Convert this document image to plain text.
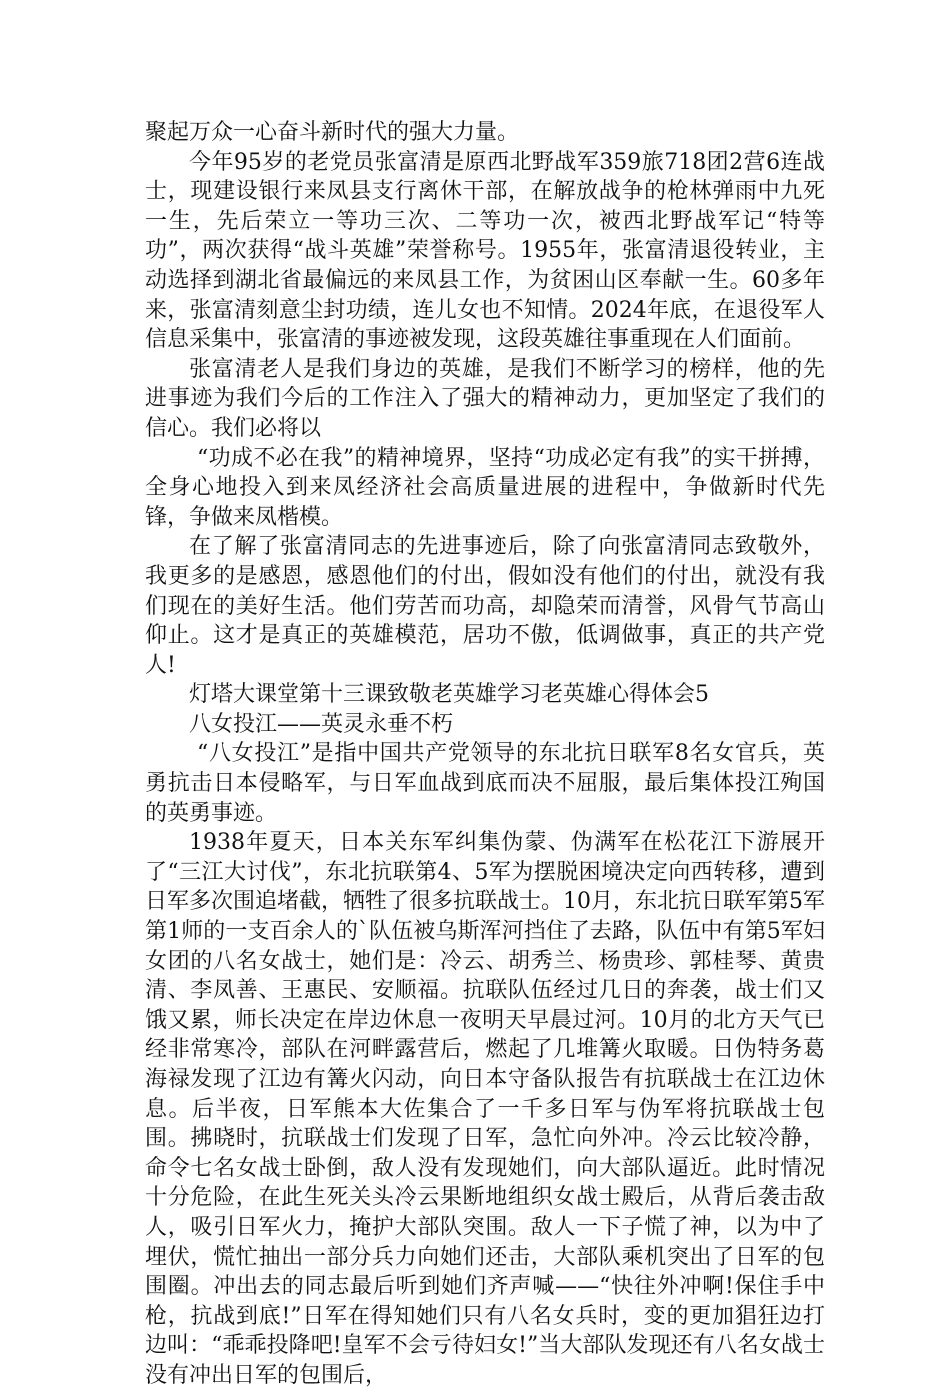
聚起万众一心奋斗新时代的强大力量。

今年95岁的老党员张富清是原西北野战军359旅718团2营6连战士，现建设银行来凤县支行离休干部，在解放战争的枪林弹雨中九死一生，先后荣立一等功三次、二等功一次，被西北野战军记“特等功”，两次获得“战斗英雄”荣誉称号。1955年，张富清退役转业，主动选择到湖北省最偏远的来凤县工作，为贫困山区奉献一生。60多年来，张富清刻意尘封功绩，连儿女也不知情。2024年底，在退役军人信息采集中，张富清的事迹被发现，这段英雄往事重现在人们面前。

张富清老人是我们身边的英雄，是我们不断学习的榜样，他的先进事迹为我们今后的工作注入了强大的精神动力，更加坚定了我们的信心。我们必将以

“功成不必在我”的精神境界，坚持“功成必定有我”的实干拼搏，全身心地投入到来凤经济社会高质量进展的进程中，争做新时代先锋，争做来凤楷模。

在了解了张富清同志的先进事迹后，除了向张富清同志致敬外，我更多的是感恩，感恩他们的付出，假如没有他们的付出，就没有我们现在的美好生活。他们劳苦而功高，却隐荣而清誉，风骨气节高山仰止。这才是真正的英雄模范，居功不傲，低调做事，真正的共产党人!

灯塔大课堂第十三课致敬老英雄学习老英雄心得体会5

八女投江——英灵永垂不朽

“八女投江”是指中国共产党领导的东北抗日联军8名女官兵，英勇抗击日本侵略军，与日军血战到底而决不屈服，最后集体投江殉国的英勇事迹。

1938年夏天，日本关东军纠集伪蒙、伪满军在松花江下游展开了“三江大讨伐”，东北抗联第4、5军为摆脱困境决定向西转移，遭到日军多次围追堵截，牺牲了很多抗联战士。10月，东北抗日联军第5军第1师的一支百余人的`队伍被乌斯浑河挡住了去路，队伍中有第5军妇女团的八名女战士，她们是：冷云、胡秀兰、杨贵珍、郭桂琴、黄贵清、李凤善、王惠民、安顺福。抗联队伍经过几日的奔袭，战士们又饿又累，师长决定在岸边休息一夜明天早晨过河。10月的北方天气已经非常寒冷，部队在河畔露营后，燃起了几堆篝火取暖。日伪特务葛海禄发现了江边有篝火闪动，向日本守备队报告有抗联战士在江边休息。后半夜，日军熊本大佐集合了一千多日军与伪军将抗联战士包围。拂晓时，抗联战士们发现了日军，急忙向外冲。冷云比较冷静，命令七名女战士卧倒，敌人没有发现她们，向大部队逼近。此时情况十分危险，在此生死关头冷云果断地组织女战士殿后，从背后袭击敌人，吸引日军火力，掩护大部队突围。敌人一下子慌了神，以为中了埋伏，慌忙抽出一部分兵力向她们还击，大部队乘机突出了日军的包围圈。冲出去的同志最后听到她们齐声喊——“快往外冲啊!保住手中枪，抗战到底!”日军在得知她们只有八名女兵时，变的更加猖狂边打边叫：“乖乖投降吧!皇军不会亏待妇女!”当大部队发现还有八名女战士没有冲出日军的包围后，
